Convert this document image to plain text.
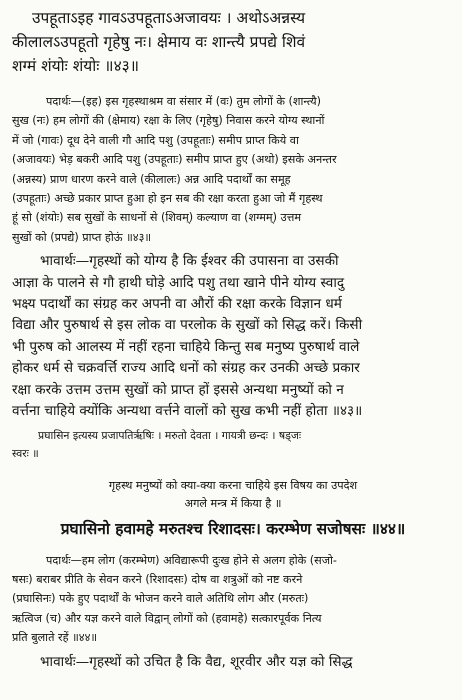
उपहूताऽइह गावऽउपहूताऽअजावयः । अथोऽअन्नस्य
कीलालऽउपहूतो गृहेषु नः। क्षेमाय वः शान्त्यै प्रपद्ये शिवं
शग्मं शंयोः शंयोः ॥४३॥

पदार्थः—(इह) इस गृहस्थाश्रम वा संसार में (वः) तुम लोगों के (शान्त्यै)

सुख (नः) हम लोगों की (क्षेमाय) रक्षा के लिए (गृहेषु) निवास करने योग्य स्थानों

में जो (गावः) दूध देने वाली गौ आदि पशु (उपहूताः) समीप प्राप्त किये वा

(अजावयः) भेड़ बकरी आदि पशु (उपहूताः) समीप प्राप्त हुए (अथो) इसके अनन्तर

(अन्नस्य) प्राण धारण करने वाले (कीलालः) अन्न आदि पदार्थों का समूह

(उपहूताः) अच्छे प्रकार प्राप्त हुआ हो इन सब की रक्षा करता हुआ जो मैं गृहस्थ

हूं सो (शंयोः) सब सुखों के साधनों से (शिवम्) कल्याण वा (शग्मम्) उत्तम

सुखों को (प्रपद्ये) प्राप्त होऊं ॥४३॥

भावार्थः—गृहस्थों को योग्य है कि ईश्वर की उपासना वा उसकी

आज्ञा के पालने से गौ हाथी घोड़े आदि पशु तथा खाने पीने योग्य स्वादु

भक्ष्य पदार्थों का संग्रह कर अपनी वा औरों की रक्षा करके विज्ञान धर्म

विद्या और पुरुषार्थ से इस लोक वा परलोक के सुखों को सिद्ध करें। किसी

भी पुरुष को आलस्य में नहीं रहना चाहिये किन्तु सब मनुष्य पुरुषार्थ वाले

होकर धर्म से चक्रवर्त्ति राज्य आदि धनों को संग्रह कर उनकी अच्छे प्रकार

रक्षा करके उत्तम उत्तम सुखों को प्राप्त हों इससे अन्यथा मनुष्यों को न

वर्त्तना चाहिये क्योंकि अन्यथा वर्त्तने वालों को सुख कभी नहीं होता ॥४३॥

प्रघासिन इत्यस्य प्रजापतिर्ऋषिः । मरुतो देवता । गायत्री छन्दः । षड्जः

स्वरः ॥

गृहस्थ मनुष्यों को क्या-क्या करना चाहिये इस विषय का उपदेश

अगले मन्त्र में किया है ॥

प्रघासिनो हवामहे मरुतश्च रिशादसः। करम्भेण सजोषसः ॥४४॥

पदार्थः—हम लोग (करम्भेण) अविद्यारूपी दुःख होने से अलग होके (सजो-

षसः) बराबर प्रीति के सेवन करने (रिशादसः) दोष वा शत्रुओं को नष्ट करने

(प्रघासिनः) पके हुए पदार्थों के भोजन करने वाले अतिथि लोग और (मरुतः)

ऋत्विज (च) और यज्ञ करने वाले विद्वान् लोगों को (हवामहे) सत्कारपूर्वक नित्य

प्रति बुलाते रहें ॥४४॥

भावार्थः—गृहस्थों को उचित है कि वैद्य, शूरवीर और यज्ञ को सिद्ध
